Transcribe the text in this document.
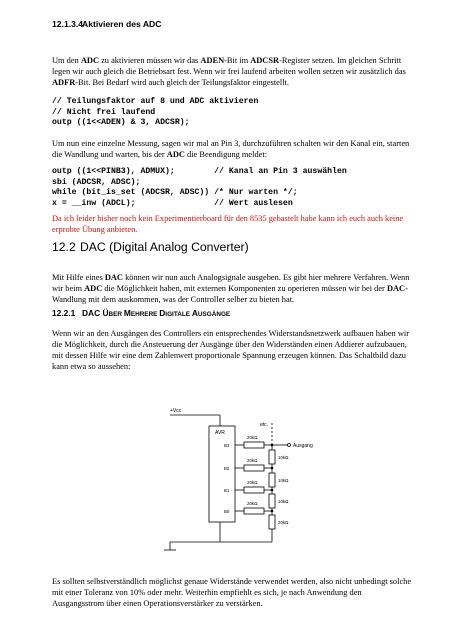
12.1.3.4Aktivieren des ADC
Um den ADC zu aktivieren müssen wir das ADEN-Bit im ADCSR-Register setzen. Im gleichen Schritt legen wir auch gleich die Betriebsart fest. Wenn wir frei laufend arbeiten wollen setzen wir zusätzlich das ADFR-Bit. Bei Bedarf wird auch gleich der Teilungsfaktor eingestellt.
// Teilungsfaktor auf 8 und ADC aktivieren
// Nicht frei laufend
outp ((1<<ADEN) & 3, ADCSR);
Um nun eine einzelne Messung, sagen wir mal an Pin 3, durchzuführen schalten wir den Kanal ein, starten die Wandlung und warten, bis der ADC die Beendigung meldet:
outp ((1<<PINB3), ADMUX);        // Kanal an Pin 3 auswählen
sbi (ADCSR, ADSC);
while (bit_is_set (ADCSR, ADSC)) /* Nur warten */;
x = __inw (ADCL);                // Wert auslesen
Da ich leider bisher noch kein Experimentierboard für den 8535 gebastelt habe kann ich euch auch keine erprobte Übung anbieten.
12.2 DAC (Digital Analog Converter)
Mit Hilfe eines DAC können wir nun auch Analogsignale ausgeben. Es gibt hier mehrere Verfahren. Wenn wir beim ADC die Möglichkeit haben, mit externen Komponenten zu operieren müssen wir bei der DAC-Wandlung mit dem auskommen, was der Controller selber zu bieten hat.
12.2.1 DAC ÜBER MEHRERE DIGITALE AUSGÄNGE
Wenn wir an den Ausgängen des Controllers ein entsprechendes Widerstandsnetzwerk aufbauen haben wir die Möglichkeit, durch die Ansteuerung der Ausgänge über den Widerständen einen Addierer aufzubauen, mit dessen Hilfe wir eine dem Zahlenwert proportionale Spannung erzeugen können. Das Schaltbild dazu kann etwa so aussehen:
+Vcc
AVR
etc.
Ausgang
B3
B2
B1
B0
20kΩ
20kΩ
20kΩ
20kΩ
10kΩ
10kΩ
10kΩ
20kΩ
Es sollten selbstverständlich möglichst genaue Widerstände verwendet werden, also nicht unbedingt solche mit einer Toleranz von 10% oder mehr. Weiterhin empfiehlt es sich, je nach Anwendung den Ausgangsstrom über einen Operationsverstärker zu verstärken.
